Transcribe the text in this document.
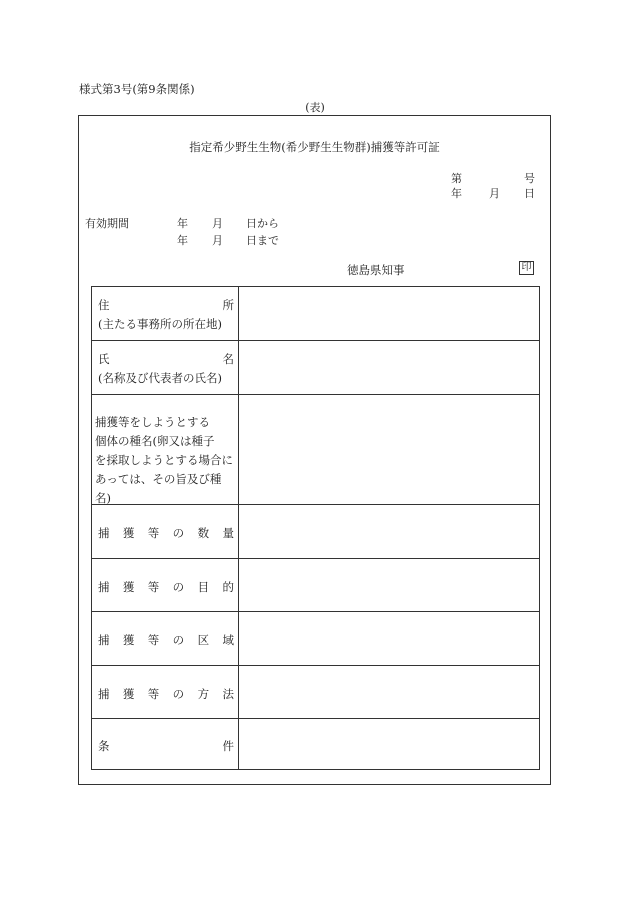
様式第3号(第9条関係)
(表)
指定希少野生生物(希少野生生物群)捕獲等許可証
第	号
年 月 日
有効期間	年 月 日から
年 月 日まで
徳島県知事	印
住	所
(主たる事務所の所在地)
氏	名
(名称及び代表者の氏名)
捕獲等をしようとする
個体の種名(卵又は種子
を採取しようとする場合に
あっては、その旨及び種名)
捕 獲 等 の 数 量
捕 獲 等 の 目 的
捕 獲 等 の 区 域
捕 獲 等 の 方 法
条	件
